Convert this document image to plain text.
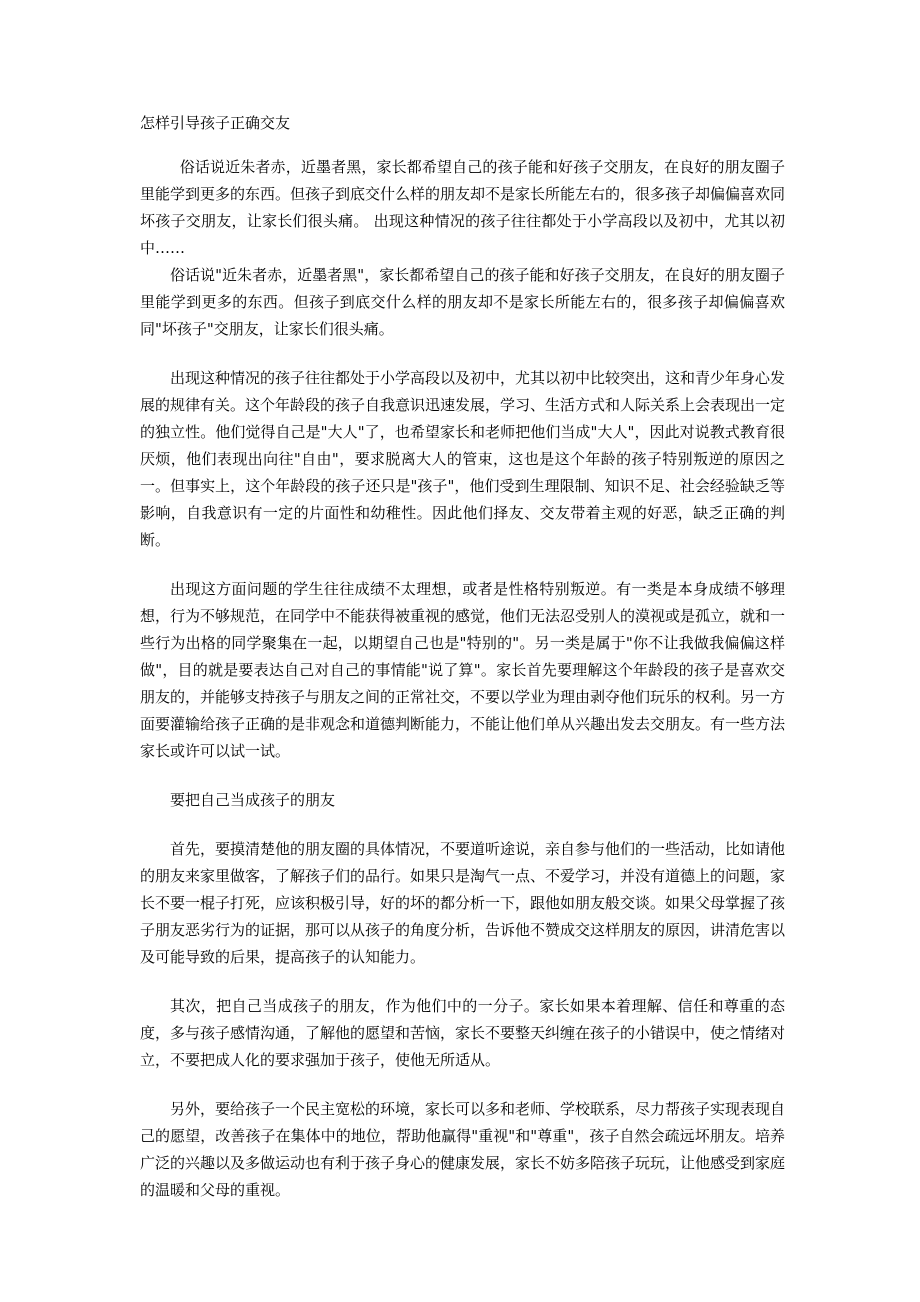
怎样引导孩子正确交友

俗话说近朱者赤，近墨者黑，家长都希望自己的孩子能和好孩子交朋友，在良好的朋友圈子里能学到更多的东西。但孩子到底交什么样的朋友却不是家长所能左右的，很多孩子却偏偏喜欢同坏孩子交朋友，让家长们很头痛。 出现这种情况的孩子往往都处于小学高段以及初中，尤其以初中……

俗话说"近朱者赤，近墨者黑"，家长都希望自己的孩子能和好孩子交朋友，在良好的朋友圈子里能学到更多的东西。但孩子到底交什么样的朋友却不是家长所能左右的，很多孩子却偏偏喜欢同"坏孩子"交朋友，让家长们很头痛。

出现这种情况的孩子往往都处于小学高段以及初中，尤其以初中比较突出，这和青少年身心发展的规律有关。这个年龄段的孩子自我意识迅速发展，学习、生活方式和人际关系上会表现出一定的独立性。他们觉得自己是"大人"了，也希望家长和老师把他们当成"大人"，因此对说教式教育很厌烦，他们表现出向往"自由"，要求脱离大人的管束，这也是这个年龄的孩子特别叛逆的原因之一。但事实上，这个年龄段的孩子还只是"孩子"，他们受到生理限制、知识不足、社会经验缺乏等影响，自我意识有一定的片面性和幼稚性。因此他们择友、交友带着主观的好恶，缺乏正确的判断。

出现这方面问题的学生往往成绩不太理想，或者是性格特别叛逆。有一类是本身成绩不够理想，行为不够规范，在同学中不能获得被重视的感觉，他们无法忍受别人的漠视或是孤立，就和一些行为出格的同学聚集在一起，以期望自己也是"特别的"。另一类是属于"你不让我做我偏偏这样做"，目的就是要表达自己对自己的事情能"说了算"。家长首先要理解这个年龄段的孩子是喜欢交朋友的，并能够支持孩子与朋友之间的正常社交，不要以学业为理由剥夺他们玩乐的权利。另一方面要灌输给孩子正确的是非观念和道德判断能力，不能让他们单从兴趣出发去交朋友。有一些方法家长或许可以试一试。

要把自己当成孩子的朋友

首先，要摸清楚他的朋友圈的具体情况，不要道听途说，亲自参与他们的一些活动，比如请他的朋友来家里做客，了解孩子们的品行。如果只是淘气一点、不爱学习，并没有道德上的问题，家长不要一棍子打死，应该积极引导，好的坏的都分析一下，跟他如朋友般交谈。如果父母掌握了孩子朋友恶劣行为的证据，那可以从孩子的角度分析，告诉他不赞成交这样朋友的原因，讲清危害以及可能导致的后果，提高孩子的认知能力。

其次，把自己当成孩子的朋友，作为他们中的一分子。家长如果本着理解、信任和尊重的态度，多与孩子感情沟通，了解他的愿望和苦恼，家长不要整天纠缠在孩子的小错误中，使之情绪对立，不要把成人化的要求强加于孩子，使他无所适从。

另外，要给孩子一个民主宽松的环境，家长可以多和老师、学校联系，尽力帮孩子实现表现自己的愿望，改善孩子在集体中的地位，帮助他赢得"重视"和"尊重"，孩子自然会疏远坏朋友。培养广泛的兴趣以及多做运动也有利于孩子身心的健康发展，家长不妨多陪孩子玩玩，让他感受到家庭的温暖和父母的重视。
